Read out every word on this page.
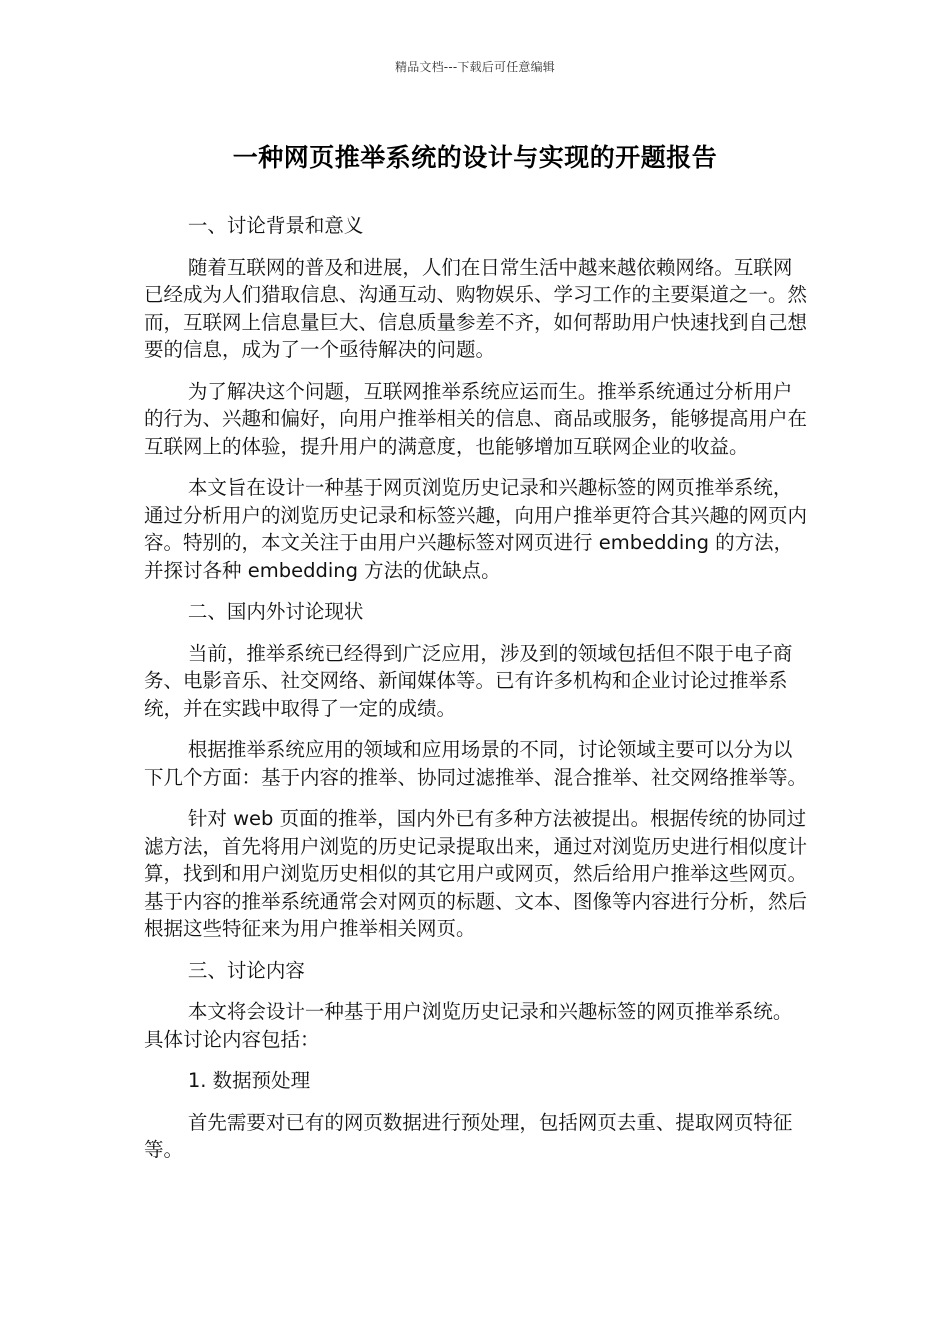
精品文档---下载后可任意编辑
一种网页推举系统的设计与实现的开题报告

一、讨论背景和意义

随着互联网的普及和进展，人们在日常生活中越来越依赖网络。互联网已经成为人们猎取信息、沟通互动、购物娱乐、学习工作的主要渠道之一。然而，互联网上信息量巨大、信息质量参差不齐，如何帮助用户快速找到自己想要的信息，成为了一个亟待解决的问题。

为了解决这个问题，互联网推举系统应运而生。推举系统通过分析用户的行为、兴趣和偏好，向用户推举相关的信息、商品或服务，能够提高用户在互联网上的体验，提升用户的满意度，也能够增加互联网企业的收益。

本文旨在设计一种基于网页浏览历史记录和兴趣标签的网页推举系统，通过分析用户的浏览历史记录和标签兴趣，向用户推举更符合其兴趣的网页内容。特别的，本文关注于由用户兴趣标签对网页进行 embedding 的方法，并探讨各种 embedding 方法的优缺点。

二、国内外讨论现状

当前，推举系统已经得到广泛应用，涉及到的领域包括但不限于电子商务、电影音乐、社交网络、新闻媒体等。已有许多机构和企业讨论过推举系统，并在实践中取得了一定的成绩。

根据推举系统应用的领域和应用场景的不同，讨论领域主要可以分为以下几个方面：基于内容的推举、协同过滤推举、混合推举、社交网络推举等。

针对 web 页面的推举，国内外已有多种方法被提出。根据传统的协同过滤方法，首先将用户浏览的历史记录提取出来，通过对浏览历史进行相似度计算，找到和用户浏览历史相似的其它用户或网页，然后给用户推举这些网页。基于内容的推举系统通常会对网页的标题、文本、图像等内容进行分析，然后根据这些特征来为用户推举相关网页。

三、讨论内容

本文将会设计一种基于用户浏览历史记录和兴趣标签的网页推举系统。具体讨论内容包括：

1. 数据预处理

首先需要对已有的网页数据进行预处理，包括网页去重、提取网页特征等。
